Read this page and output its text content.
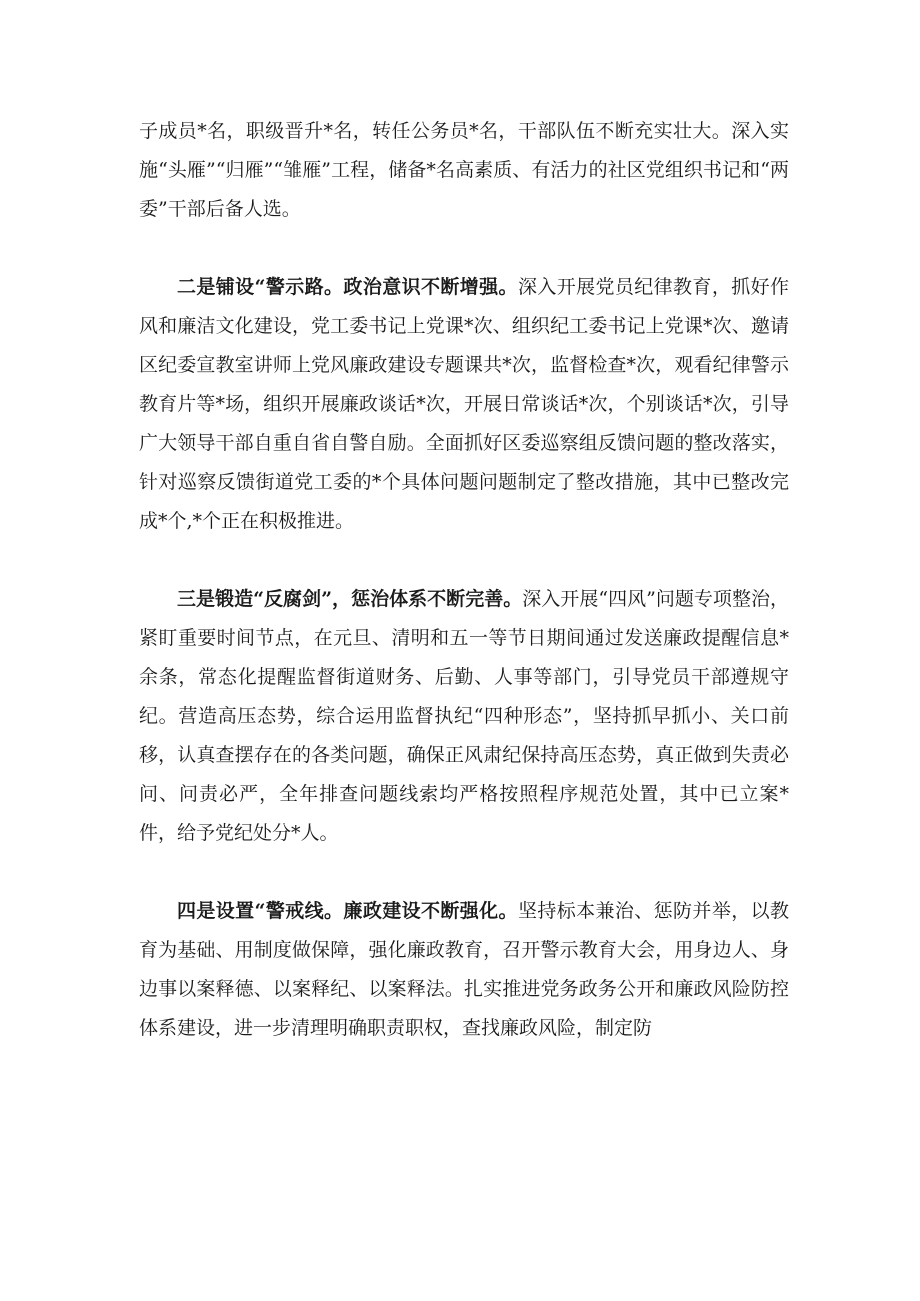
子成员*名，职级晋升*名，转任公务员*名，干部队伍不断充实壮大。深入实施“头雁”“归雁”“雏雁”工程，储备*名高素质、有活力的社区党组织书记和“两委”干部后备人选。

二是铺设“警示路。政治意识不断增强。深入开展党员纪律教育，抓好作风和廉洁文化建设，党工委书记上党课*次、组织纪工委书记上党课*次、邀请区纪委宣教室讲师上党风廉政建设专题课共*次，监督检查*次，观看纪律警示教育片等*场，组织开展廉政谈话*次，开展日常谈话*次，个别谈话*次，引导广大领导干部自重自省自警自励。全面抓好区委巡察组反馈问题的整改落实，针对巡察反馈街道党工委的*个具体问题问题制定了整改措施，其中已整改完成*个,*个正在积极推进。

三是锻造“反腐剑”，惩治体系不断完善。深入开展“四风”问题专项整治，紧盯重要时间节点，在元旦、清明和五一等节日期间通过发送廉政提醒信息*余条，常态化提醒监督街道财务、后勤、人事等部门，引导党员干部遵规守纪。营造高压态势，综合运用监督执纪“四种形态”，坚持抓早抓小、关口前移，认真查摆存在的各类问题，确保正风肃纪保持高压态势，真正做到失责必问、问责必严，全年排查问题线索均严格按照程序规范处置，其中已立案*件，给予党纪处分*人。

四是设置“警戒线。廉政建设不断强化。坚持标本兼治、惩防并举，以教育为基础、用制度做保障，强化廉政教育，召开警示教育大会，用身边人、身边事以案释德、以案释纪、以案释法。扎实推进党务政务公开和廉政风险防控体系建设，进一步清理明确职责职权，查找廉政风险，制定防
